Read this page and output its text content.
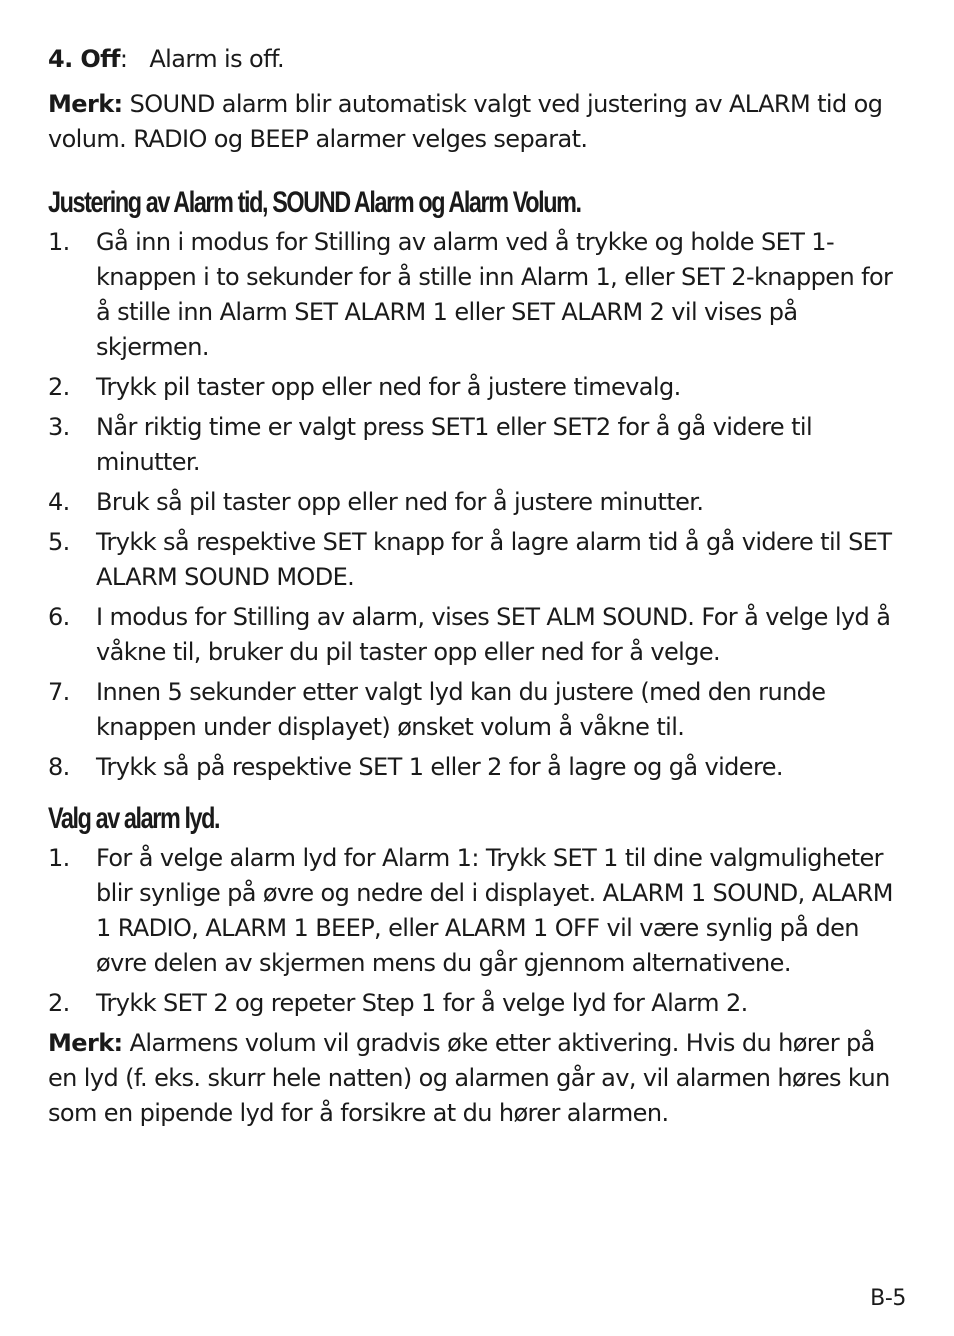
4. Off: Alarm is off.

Merk: SOUND alarm blir automatisk valgt ved justering av ALARM tid og volum. RADIO og BEEP alarmer velges separat.

Justering av Alarm tid, SOUND Alarm og Alarm Volum.
1. Gå inn i modus for Stilling av alarm ved å trykke og holde SET 1-knappen i to sekunder for å stille inn Alarm 1, eller SET 2-knappen for å stille inn Alarm SET ALARM 1 eller SET ALARM 2 vil vises på skjermen.
2. Trykk pil taster opp eller ned for å justere timevalg.
3. Når riktig time er valgt press SET1 eller SET2 for å gå videre til minutter.
4. Bruk så pil taster opp eller ned for å justere minutter.
5. Trykk så respektive SET knapp for å lagre alarm tid å gå videre til SET ALARM SOUND MODE.
6. I modus for Stilling av alarm, vises SET ALM SOUND. For å velge lyd å våkne til, bruker du pil taster opp eller ned for å velge.
7. Innen 5 sekunder etter valgt lyd kan du justere (med den runde knappen under displayet) ønsket volum å våkne til.
8. Trykk så på respektive SET 1 eller 2 for å lagre og gå videre.
Valg av alarm lyd.
1. For å velge alarm lyd for Alarm 1: Trykk SET 1 til dine valgmuligheter blir synlige på øvre og nedre del i displayet. ALARM 1 SOUND, ALARM 1 RADIO, ALARM 1 BEEP, eller ALARM 1 OFF vil være synlig på den øvre delen av skjermen mens du går gjennom alternativene.
2. Trykk SET 2 og repeter Step 1 for å velge lyd for Alarm 2.

Merk: Alarmens volum vil gradvis øke etter aktivering. Hvis du hører på en lyd (f. eks. skurr hele natten) og alarmen går av, vil alarmen høres kun som en pipende lyd for å forsikre at du hører alarmen.

B-5
